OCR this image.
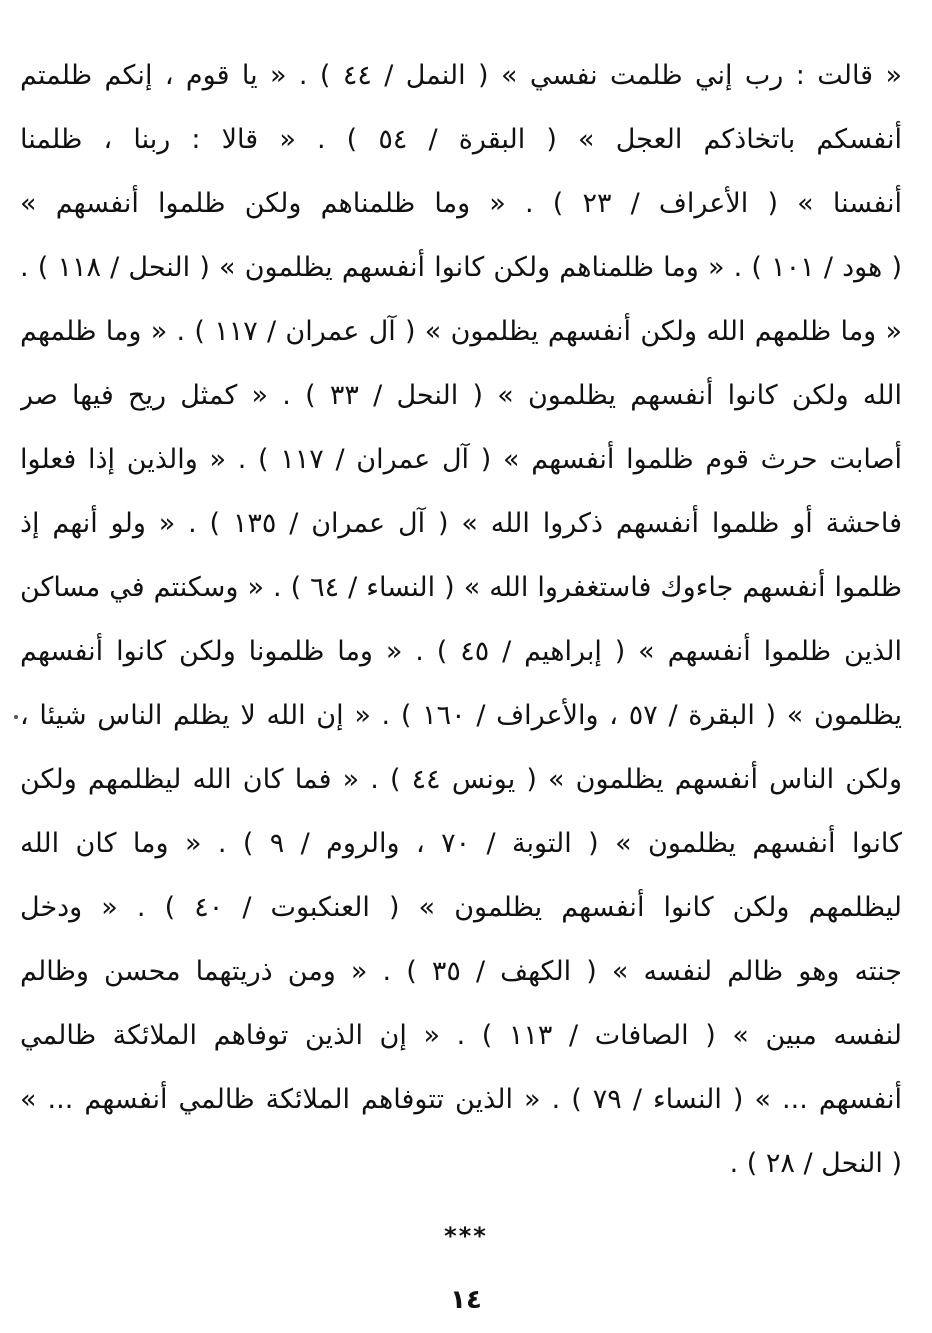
« قالت : رب إني ظلمت نفسي » ( النمل / ٤٤ ) . « يا قوم ، إنكم ظلمتم
أنفسكم باتخاذكم العجل » ( البقرة / ٥٤ ) . « قالا : ربنا ، ظلمنا
أنفسنا » ( الأعراف / ٢٣ ) . « وما ظلمناهم ولكن ظلموا أنفسهم »
( هود / ١٠١ ) . « وما ظلمناهم ولكن كانوا أنفسهم يظلمون » ( النحل / ١١٨ ) .
« وما ظلمهم الله ولكن أنفسهم يظلمون » ( آل عمران / ١١٧ ) . « وما ظلمهم
الله ولكن كانوا أنفسهم يظلمون » ( النحل / ٣٣ ) . « كمثل ريح فيها صر
أصابت حرث قوم ظلموا أنفسهم » ( آل عمران / ١١٧ ) . « والذين إذا فعلوا
فاحشة أو ظلموا أنفسهم ذكروا الله » ( آل عمران / ١٣٥ ) . « ولو أنهم إذ
ظلموا أنفسهم جاءوك فاستغفروا الله » ( النساء / ٦٤ ) . « وسكنتم في مساكن
الذين ظلموا أنفسهم » ( إبراهيم / ٤٥ ) . « وما ظلمونا ولكن كانوا أنفسهم
يظلمون » ( البقرة / ٥٧ ، والأعراف / ١٦٠ ) . « إن الله لا يظلم الناس شيئا ،
ولكن الناس أنفسهم يظلمون » ( يونس ٤٤ ) . « فما كان الله ليظلمهم ولكن
كانوا أنفسهم يظلمون » ( التوبة / ٧٠ ، والروم / ٩ ) . « وما كان الله
ليظلمهم ولكن كانوا أنفسهم يظلمون » ( العنكبوت / ٤٠ ) . « ودخل
جنته وهو ظالم لنفسه » ( الكهف / ٣٥ ) . « ومن ذريتهما محسن وظالم
لنفسه مبين » ( الصافات / ١١٣ ) . « إن الذين توفاهم الملائكة ظالمي
أنفسهم ... » ( النساء / ٧٩ ) . « الذين تتوفاهم الملائكة ظالمي أنفسهم ... »
( النحل / ٢٨ ) .
***
١٤
